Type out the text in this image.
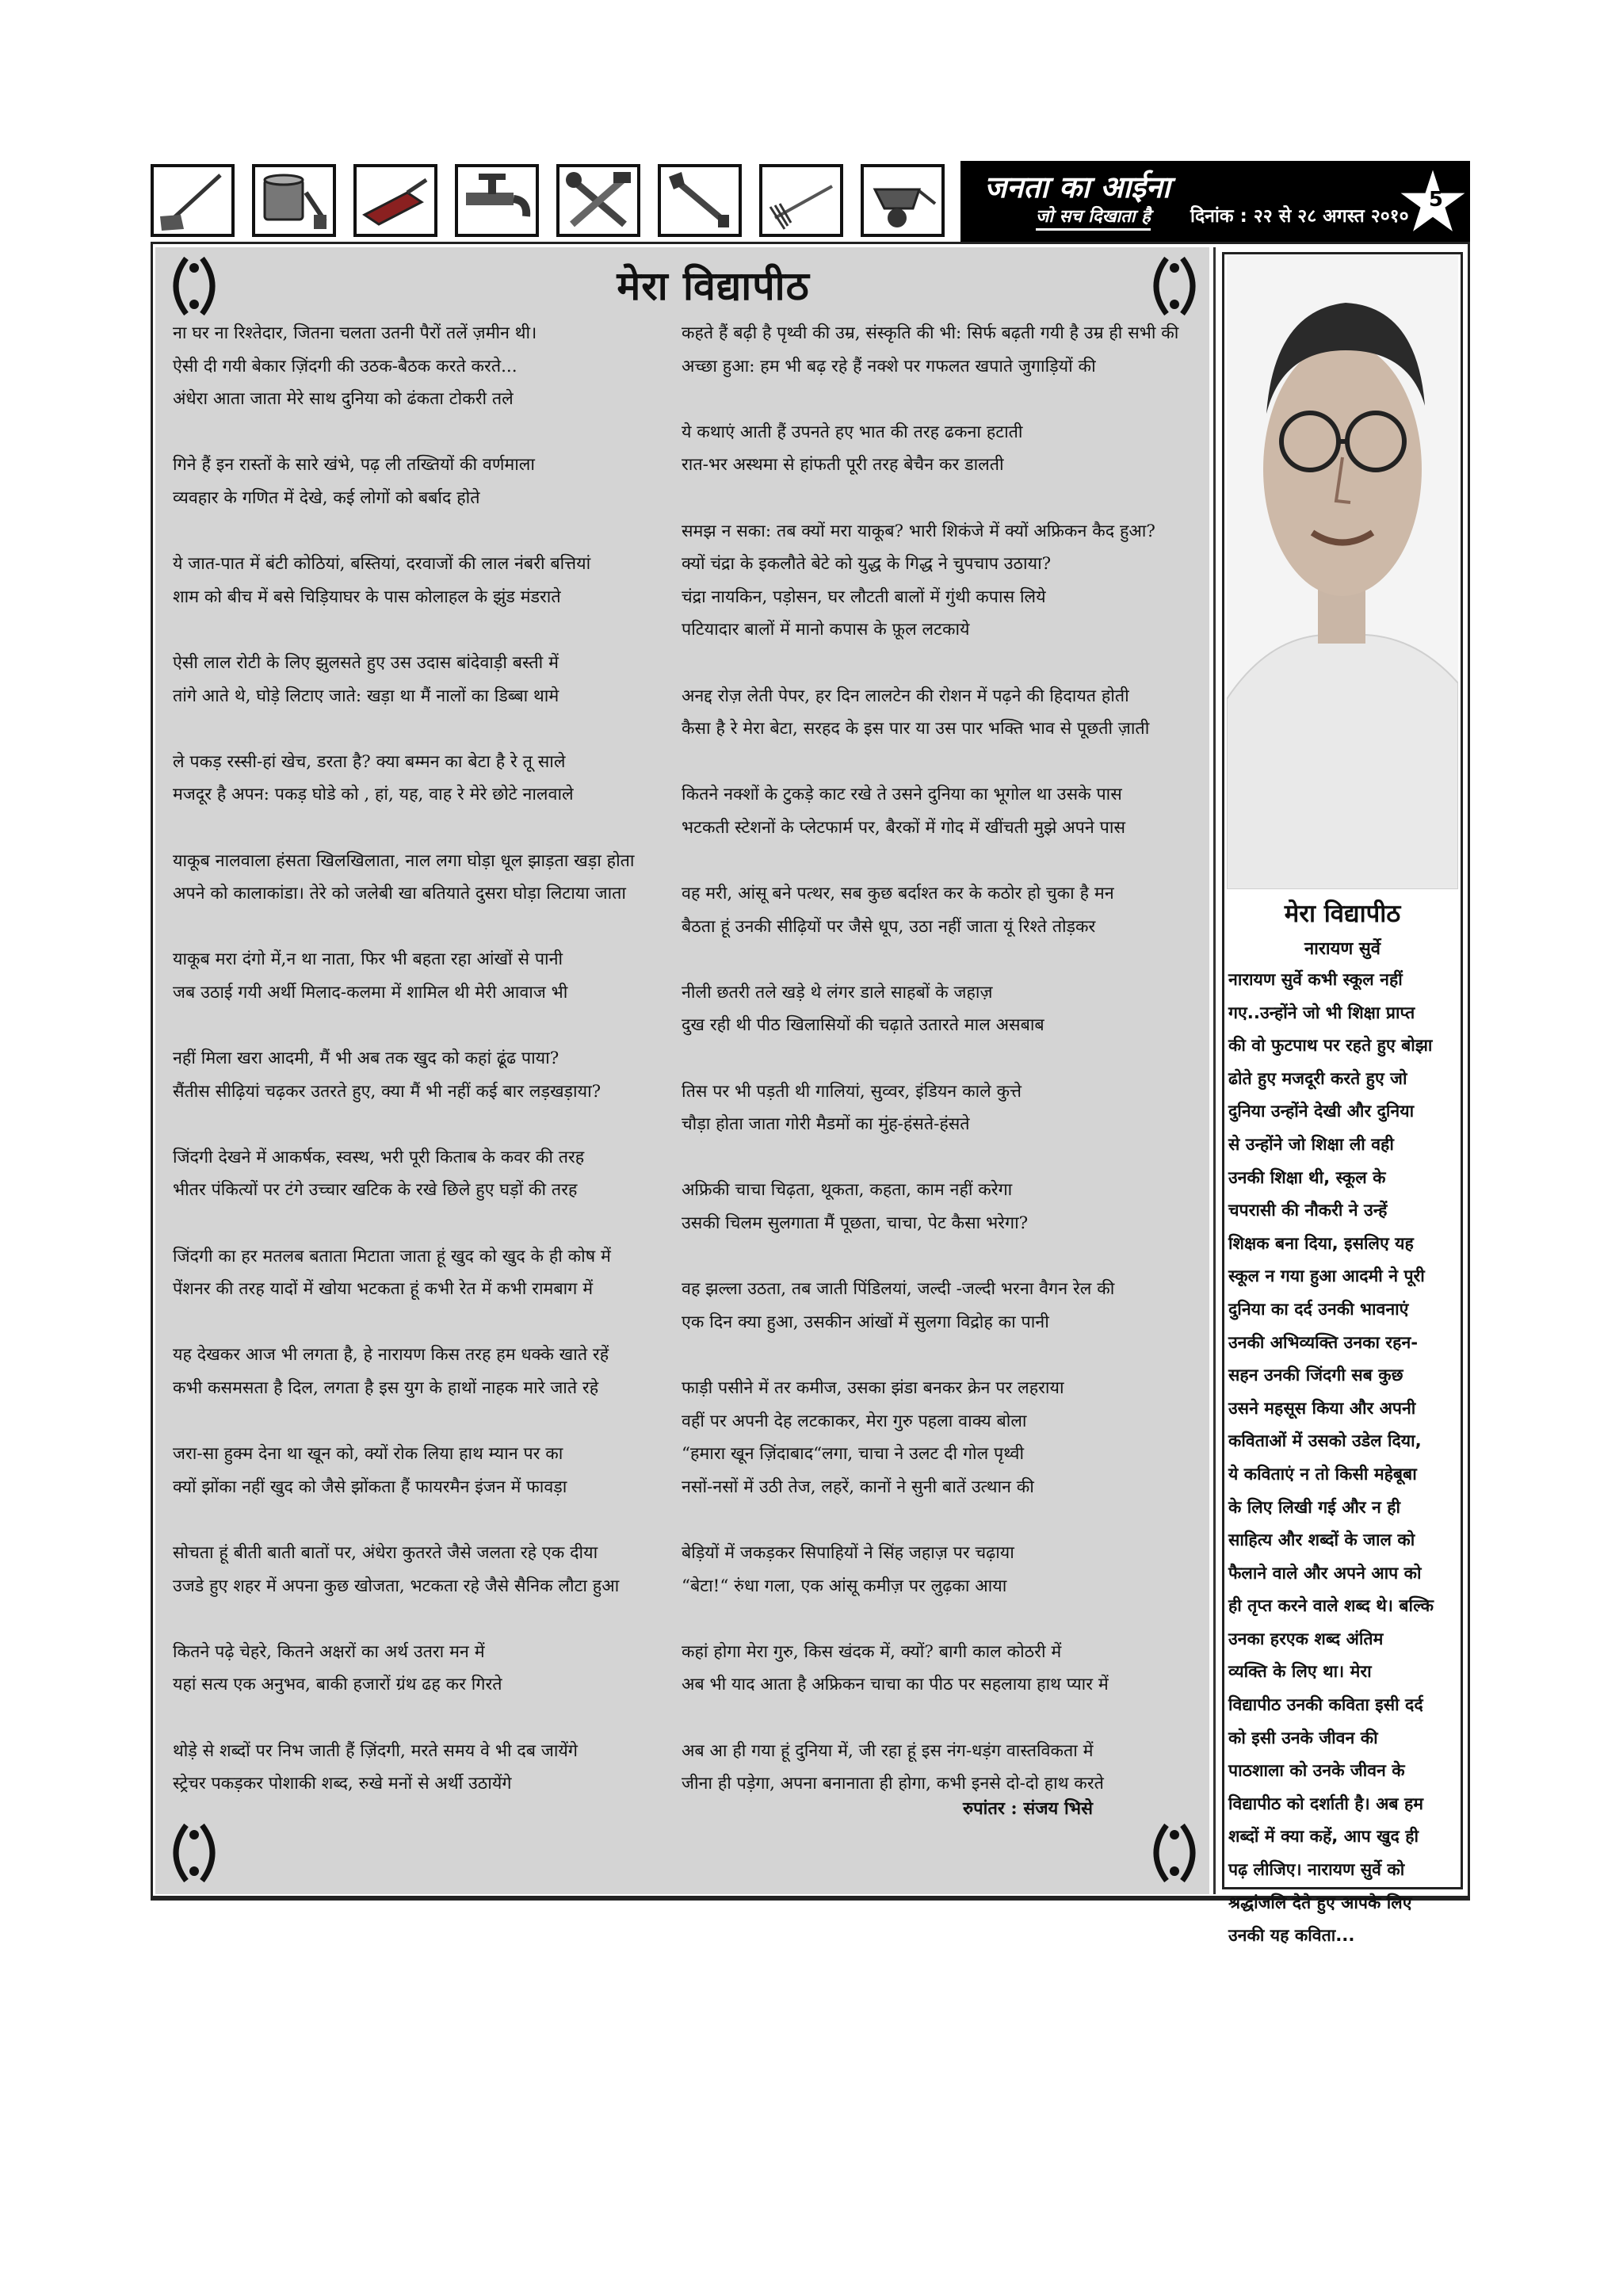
जनता का आईना
जो सच दिखाता है दिनांक : २२ से २८ अगस्त २०१०
5
मेरा विद्यापीठ
ना घर ना रिश्तेदार, जितना चलता उतनी पैरों तलें ज़मीन थी।
ऐसी दी गयी बेकार ज़िंदगी की उठक-बैठक करते करते...
अंधेरा आता जाता मेरे साथ दुनिया को ढंकता टोकरी तले
गिने हैं इन रास्तों के सारे खंभे, पढ़ ली तख्तियों की वर्णमाला
व्यवहार के गणित में देखे, कई लोगों को बर्बाद होते
ये जात-पात में बंटी कोठियां, बस्तियां, दरवाजों की लाल नंबरी बत्तियां
शाम को बीच में बसे चिड़ियाघर के पास कोलाहल के झुंड मंडराते
ऐसी लाल रोटी के लिए झुलसते हुए उस उदास बांदेवाड़ी बस्ती में
तांगे आते थे, घोड़े लिटाए जाते: खड़ा था मैं नालों का डिब्बा थामे
ले पकड़ रस्सी-हां खेच, डरता है? क्या बम्मन का बेटा है रे तू साले
मजदूर है अपन: पकड़ घोडे को , हां, यह, वाह रे मेरे छोटे नालवाले
याकूब नालवाला हंसता खिलखिलाता, नाल लगा घोड़ा धूल झाड़ता खड़ा होता
अपने को कालाकांडा। तेरे को जलेबी खा बतियाते दुसरा घोड़ा लिटाया जाता
याकूब मरा दंगो में,न था नाता, फिर भी बहता रहा आंखों से पानी
जब उठाई गयी अर्थी मिलाद-कलमा में शामिल थी मेरी आवाज भी
नहीं मिला खरा आदमी, मैं भी अब तक खुद को कहां ढूंढ पाया?
सैंतीस सीढ़ियां चढ़कर उतरते हुए, क्या मैं भी नहीं कई बार लड़खड़ाया?
जिंदगी देखने में आकर्षक, स्वस्थ, भरी पूरी किताब के कवर की तरह
भीतर पंकित्यों पर टंगे उच्चार खटिक के रखे छिले हुए घड़ों की तरह
जिंदगी का हर मतलब बताता मिटाता जाता हूं खुद को खुद के ही कोष में
पेंशनर की तरह यादों में खोया भटकता हूं कभी रेत में कभी रामबाग में
यह देखकर आज भी लगता है, हे नारायण किस तरह हम धक्के खाते रहें
कभी कसमसता है दिल, लगता है इस युग के हाथों नाहक मारे जाते रहे
जरा-सा हुक्म देना था खून को, क्यों रोक लिया हाथ म्यान पर का
क्यों झोंका नहीं खुद को जैसे झोंकता हैं फायरमैन इंजन में फावड़ा
सोचता हूं बीती बाती बातों पर, अंधेरा कुतरते जैसे जलता रहे एक दीया
उजडे हुए शहर में अपना कुछ खोजता, भटकता रहे जैसे सैनिक लौटा हुआ
कितने पढ़े चेहरे, कितने अक्षरों का अर्थ उतरा मन में
यहां सत्य एक अनुभव, बाकी हजारों ग्रंथ ढह कर गिरते
थोड़े से शब्दों पर निभ जाती हैं ज़िंदगी, मरते समय वे भी दब जायेंगे
स्ट्रेचर पकड़कर पोशाकी शब्द, रुखे मनों से अर्थी उठायेंगे
कहते हैं बढ़ी है पृथ्वी की उम्र, संस्कृति की भी: सिर्फ बढ़ती गयी है उम्र ही सभी की
अच्छा हुआ: हम भी बढ़ रहे हैं नक्शे पर गफलत खपाते जुगाड़ियों की
ये कथाएं आती हैं उपनते हए भात की तरह ढकना हटाती
रात-भर अस्थमा से हांफती पूरी तरह बेचैन कर डालती
समझ न सका: तब क्यों मरा याकूब? भारी शिकंजे में क्यों अफ्रिकन कैद हुआ?
क्यों चंद्रा के इकलौते बेटे को युद्ध के गिद्ध ने चुपचाप उठाया?
चंद्रा नायकिन, पड़ोसन, घर लौटती बालों में गुंथी कपास लिये
पटियादार बालों में मानो कपास के फ़ूल लटकाये
अनद्द रोज़ लेती पेपर, हर दिन लालटेन की रोशन में पढ़ने की हिदायत होती
कैसा है रे मेरा बेटा, सरहद के इस पार या उस पार भक्ति भाव से पूछती ज़ाती
कितने नक्शों के टुकड़े काट रखे ते उसने दुनिया का भूगोल था उसके पास
भटकती स्टेशनों के प्लेटफार्म पर, बैरकों में गोद में खींचती मुझे अपने पास
वह मरी, आंसू बने पत्थर, सब कुछ बर्दाश्त कर के कठोर हो चुका है मन
बैठता हूं उनकी सीढ़ियों पर जैसे धूप, उठा नहीं जाता यूं रिश्ते तोड़कर
नीली छतरी तले खड़े थे लंगर डाले साहबों के जहाज़
दुख रही थी पीठ खिलासियों की चढ़ाते उतारते माल असबाब
तिस पर भी पड़ती थी गालियां, सुव्वर, इंडियन काले कुत्ते
चौड़ा होता जाता गोरी मैडमों का मुंह-हंसते-हंसते
अफ्रिकी चाचा चिढ़ता, थूकता, कहता, काम नहीं करेगा
उसकी चिलम सुलगाता मैं पूछता, चाचा, पेट कैसा भरेगा?
वह झल्ला उठता, तब जाती पिंडिलयां, जल्दी -जल्दी भरना वैगन रेल की
एक दिन क्या हुआ, उसकीन आंखों में सुलगा विद्रोह का पानी
फाड़ी पसीने में तर कमीज, उसका झंडा बनकर क्रेन पर लहराया
वहीं पर अपनी देह लटकाकर, मेरा गुरु पहला वाक्य बोला
“हमारा खून ज़िंदाबाद“लगा, चाचा ने उलट दी गोल पृथ्वी
नसों-नसों में उठी तेज, लहरें, कानों ने सुनी बातें उत्थान की
बेड़ियों में जकड़कर सिपाहियों ने सिंह जहाज़ पर चढ़ाया
“बेटा!“ रुंधा गला, एक आंसू कमीज़ पर लुढ़का आया
कहां होगा मेरा गुरु, किस खंदक में, क्यों? बागी काल कोठरी में
अब भी याद आता है अफ्रिकन चाचा का पीठ पर सहलाया हाथ प्यार में
अब आ ही गया हूं दुनिया में, जी रहा हूं इस नंग-धड़ंग वास्तविकता में
जीना ही पड़ेगा, अपना बनानाता ही होगा, कभी इनसे दो-दो हाथ करते
रुपांतर : संजय भिसे
मेरा विद्यापीठ
नारायण सुर्वे
नारायण सुर्वे कभी स्कूल नहीं
गए..उन्होंने जो भी शिक्षा प्राप्त
की वो फुटपाथ पर रहते हुए बोझा
ढोते हुए मजदूरी करते हुए जो
दुनिया उन्होंने देखी और दुनिया
से उन्होंने जो शिक्षा ली वही
उनकी शिक्षा थी, स्कूल के
चपरासी की नौकरी ने उन्हें
शिक्षक बना दिया, इसलिए यह
स्कूल न गया हुआ आदमी ने पूरी
दुनिया का दर्द उनकी भावनाएं
उनकी अभिव्यक्ति उनका रहन-
सहन उनकी जिंदगी सब कुछ
उसने महसूस किया और अपनी
कविताओं में उसको उडेल दिया,
ये कविताएं न तो किसी महेबूबा
के लिए लिखी गई और न ही
साहित्य और शब्दों के जाल को
फैलाने वाले और अपने आप को
ही तृप्त करने वाले शब्द थे। बल्कि
उनका हरएक शब्द अंतिम
व्यक्ति के लिए था। मेरा
विद्यापीठ उनकी कविता इसी दर्द
को इसी उनके जीवन की
पाठशाला को उनके जीवन के
विद्यापीठ को दर्शाती है। अब हम
शब्दों में क्या कहें, आप खुद ही
पढ़ लीजिए। नारायण सुर्वे को
श्रद्धांजलि देते हुए आपके लिए
उनकी यह कविता...
